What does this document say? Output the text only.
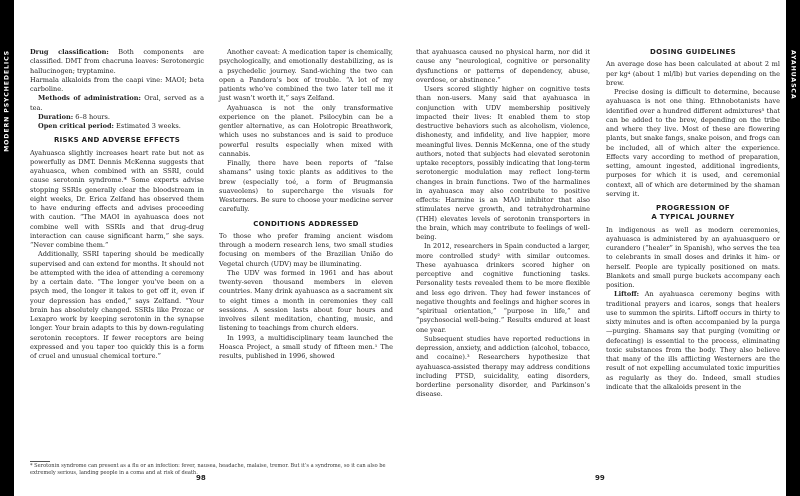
MODERN PSYCHEDELICS	Drug classification: Both components are classified. DMT from chacruna leaves: Serotonergic hallucinogen; tryptamine.

Harmala alkaloids from the caapi vine: MAOI; beta carboline.

Methods of administration: Oral, served as a tea.

Duration: 6–8 hours.

Open critical period: Estimated 3 weeks.

RISKS AND ADVERSE EFFECTS

Ayahuasca slightly increases heart rate but not as powerfully as DMT. Dennis McKenna suggests that ayahuasca, when combined with an SSRI, could cause serotonin syndrome.* Some experts advise stopping SSRIs generally clear the bloodstream in eight weeks, Dr. Erica Zelfand has observed them to have enduring effects and advises proceeding with caution. “The MAOI in ayahuasca does not combine well with SSRIs and that drug-drug interaction can cause significant harm,” she says. “Never combine them.”

Additionally, SSRI tapering should be medically supervised and can extend for months. It should not be attempted with the idea of attending a ceremony by a certain date. “The longer you’ve been on a psych med, the longer it takes to get off it, even if your depression has ended,” says Zelfand. “Your brain has absolutely changed. SSRIs like Prozac or Lexapro work by keeping serotonin in the synapse longer. Your brain adapts to this by down-regulating serotonin receptors. If fewer receptors are being expressed and you taper too quickly this is a form of cruel and unusual chemical torture.”

Another caveat: A medication taper is chemically, psychologically, and emotionally destabilizing, as is a psychedelic journey. Sand-wiching the two can open a Pandora’s box of trouble. “A lot of my patients who’ve combined the two later tell me it just wasn’t worth it,” says Zelfand.

Ayahuasca is not the only transformative experience on the planet. Psilocybin can be a gentler alternative, as can Holotropic Breathwork, which uses no substances and is said to produce powerful results especially when mixed with cannabis.

Finally, there have been reports of “false shamans” using toxic plants as additives to the brew (especially toé, a form of Brugmansia suaveolens) to supercharge the visuals for Westerners. Be sure to choose your medicine server carefully.

CONDITIONS ADDRESSED

To those who prefer framing ancient wisdom through a modern research lens, two small studies focusing on members of the Brazilian União do Vegetal church (UDV) may be illuminating.

The UDV was formed in 1961 and has about twenty-seven thousand members in eleven countries. Many drink ayahuasca as a sacrament six to eight times a month in ceremonies they call sessions. A session lasts about four hours and involves silent meditation, chanting, music, and listening to teachings from church elders.

In 1993, a multidisciplinary team launched the Hoasca Project, a small study of fifteen men.¹ The results, published in 1996, showed

* Serotonin syndrome can present as a flu or an infection: fever, nausea, headache, malaise, tremor. But it’s a syndrome, so it can also be extremely serious, landing people in a coma and at risk of death.
98

that ayahuasca caused no physical harm, nor did it cause any “neurological, cognitive or personality dysfunctions or patterns of dependency, abuse, overdose, or abstinence.”

Users scored slightly higher on cognitive tests than non-users. Many said that ayahuasca in conjunction with UDV membership positively impacted their lives: It enabled them to stop destructive behaviors such as alcoholism, violence, dishonesty, and infidelity, and live happier, more meaningful lives. Dennis McKenna, one of the study authors, noted that subjects had elevated serotonin uptake receptors, possibly indicating that long-term serotonergic modulation may reflect long-term changes in brain functions. Two of the harmalines in ayahuasca may also contribute to positive effects: Harmine is an MAO inhibitor that also stimulates nerve growth, and tetrahydroharmine (THH) elevates levels of serotonin transporters in the brain, which may contribute to feelings of well-being.

In 2012, researchers in Spain conducted a larger, more controlled study² with similar outcomes. These ayahuasca drinkers scored higher on perceptive and cognitive functioning tasks. Personality tests revealed them to be more flexible and less ego driven. They had fewer instances of negative thoughts and feelings and higher scores in “spiritual orientation,” “purpose in life,” and “psychosocial well-being.” Results endured at least one year.

Subsequent studies have reported reductions in depression, anxiety, and addiction (alcohol, tobacco, and cocaine).³ Researchers hypothesize that ayahuasca-assisted therapy may address conditions including PTSD, suicidality, eating disorders, borderline personality disorder, and Parkinson’s disease.

DOSING GUIDELINES

An average dose has been calculated at about 2 ml per kg⁴ (about 1 ml/lb) but varies depending on the brew.

Precise dosing is difficult to determine, because ayahuasca is not one thing. Ethnobotanists have identified over a hundred different admixtures⁵ that can be added to the brew, depending on the tribe and where they live. Most of these are flowering plants, but snake fangs, snake poison, and frogs can be included, all of which alter the experience. Effects vary according to method of preparation, setting, amount ingested, additional ingredients, purposes for which it is used, and ceremonial context, all of which are determined by the shaman serving it.

PROGRESSION OF

A TYPICAL JOURNEY

In indigenous as well as modern ceremonies, ayahuasca is administered by an ayahuasquero or curandero (“healer” in Spanish), who serves the tea to celebrants in small doses and drinks it him- or herself. People are typically positioned on mats. Blankets and small purge buckets accompany each position.

Liftoff: An ayahuasca ceremony begins with traditional prayers and icaros, songs that healers use to summon the spirits. Liftoff occurs in thirty to sixty minutes and is often accompanied by la purga—purging. Shamans say that purging (vomiting or defecating) is essential to the process, eliminating toxic substances from the body. They also believe that many of the ills afflicting Westerners are the result of not expelling accumulated toxic impurities as regularly as they do. Indeed, small studies indicate that the alkaloids present in the

99
AYAHUASCA
